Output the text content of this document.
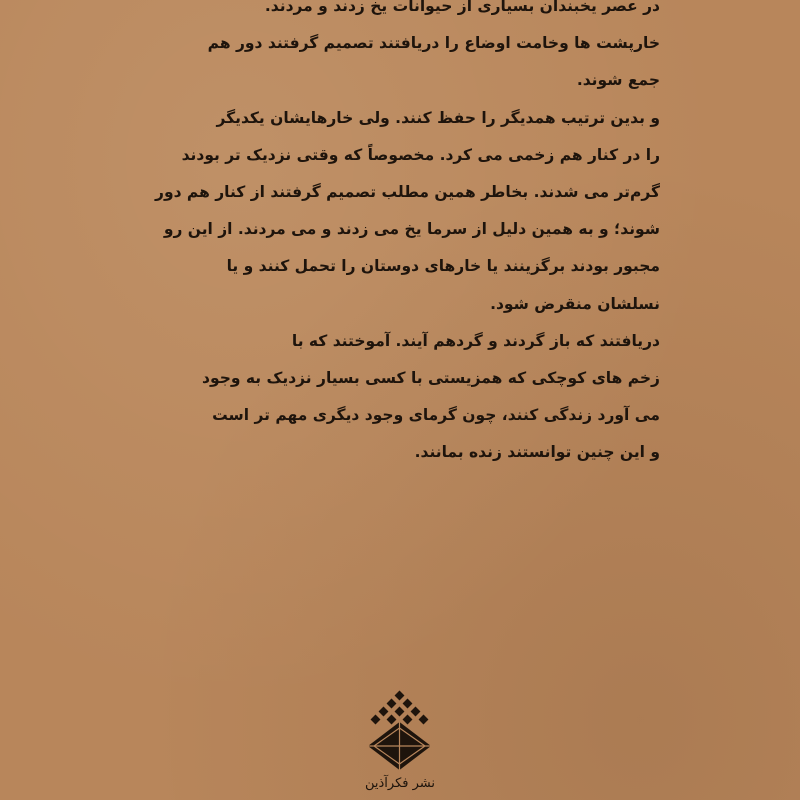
در عصر یخبندان بسیاری از حیوانات یخ زدند و مردند.
خارپشت ها وخامت اوضاع را دریافتند تصمیم گرفتند دور هم
جمع شوند.

و بدین ترتیب همدیگر را حفظ کنند. ولی خارهایشان یکدیگر
را در کنار هم زخمی می کرد. مخصوصاً که وقتی نزدیک تر بودند
گرم‌تر می شدند. بخاطر همین مطلب تصمیم گرفتند از کنار هم دور
شوند؛ و به همین دلیل از سرما یخ می زدند و می مردند. از این رو
مجبور بودند برگزینند یا خارهای دوستان را تحمل کنند و یا
نسلشان منقرض شود.

دریافتند که باز گردند و گردهم آیند. آموختند که با
زخم های کوچکی که همزیستی با کسی بسیار نزدیک به وجود
می آورد زندگی کنند، چون گرمای وجود دیگری مهم تر است
و این چنین توانستند زنده بمانند.

نشر فکرآذین
